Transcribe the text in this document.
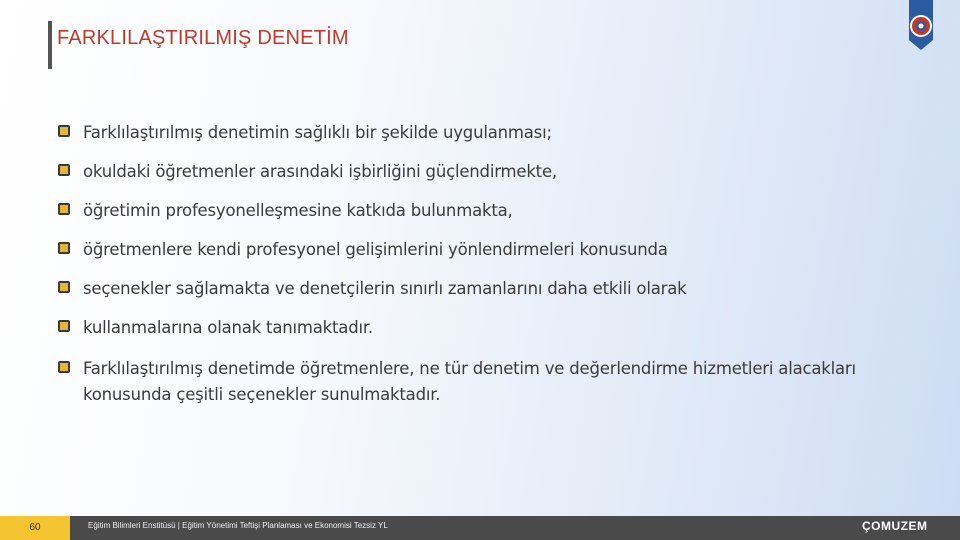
FARKLILAŞTIRILMIŞ DENETİM
Farklılaştırılmış denetimin sağlıklı bir şekilde uygulanması;
okuldaki öğretmenler arasındaki işbirliğini güçlendirmekte,
öğretimin profesyonelleşmesine katkıda bulunmakta,
öğretmenlere kendi profesyonel gelişimlerini yönlendirmeleri konusunda
seçenekler sağlamakta ve denetçilerin sınırlı zamanlarını daha etkili olarak
kullanmalarına olanak tanımaktadır.
Farklılaştırılmış denetimde öğretmenlere, ne tür denetim ve değerlendirme hizmetleri alacakları konusunda çeşitli seçenekler sunulmaktadır.
60	Eğitim Bilimleri Enstitüsü | Eğitim Yönetimi Teftişi Planlaması ve Ekonomisi Tezsiz YL	ÇOMUZEM
